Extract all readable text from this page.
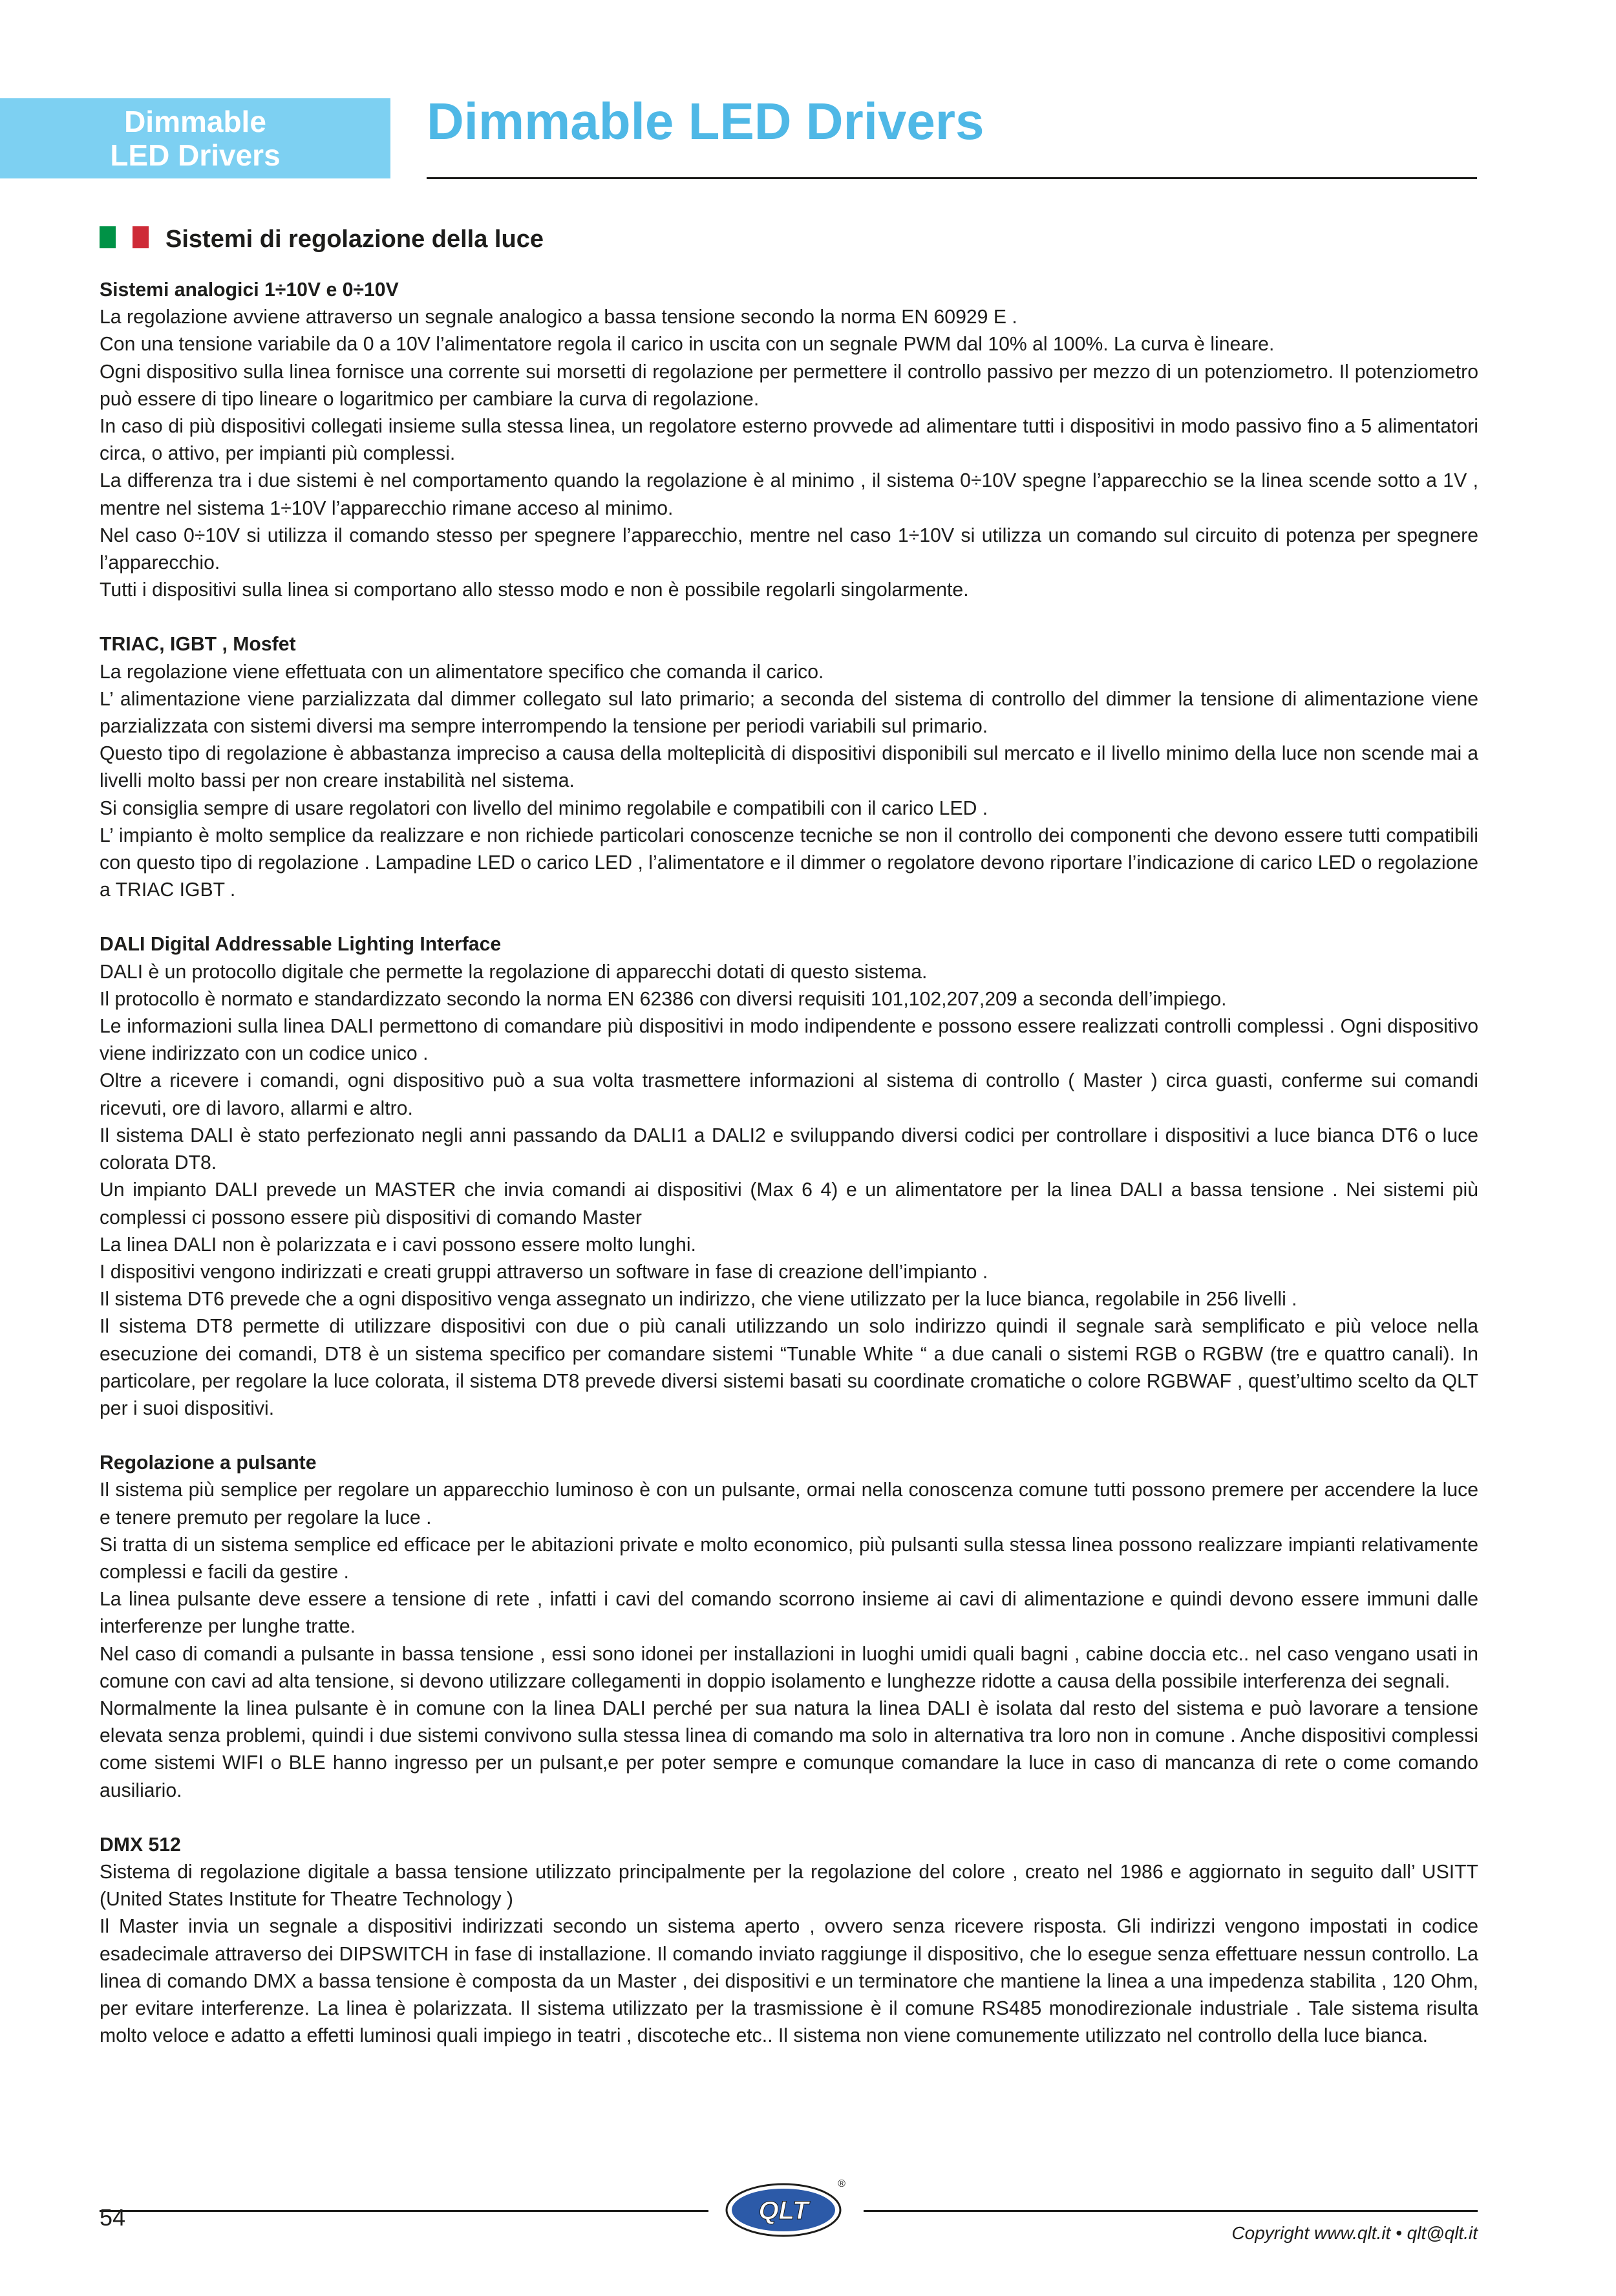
Dimmable
LED Drivers
Dimmable LED Drivers
Sistemi di regolazione della luce
Sistemi analogici 1÷10V e 0÷10V

La regolazione avviene attraverso un segnale analogico a bassa tensione secondo la norma EN 60929 E .

Con una tensione variabile da 0 a 10V l’alimentatore regola il carico in uscita con un segnale PWM dal 10% al 100%. La curva è lineare.

Ogni dispositivo sulla linea fornisce una corrente sui morsetti di regolazione per permettere il controllo passivo per mezzo di un potenziometro. Il potenziometro può essere di tipo lineare o logaritmico per cambiare la curva di regolazione.

In caso di più dispositivi collegati insieme sulla stessa linea, un regolatore esterno provvede ad alimentare tutti i dispositivi in modo passivo fino a 5 alimentatori circa, o attivo, per impianti più complessi.

La differenza tra i due sistemi è nel comportamento quando la regolazione è al minimo , il sistema 0÷10V spegne l’apparecchio se la linea scende sotto a 1V , mentre nel sistema 1÷10V l’apparecchio rimane acceso al minimo.

Nel caso 0÷10V si utilizza il comando stesso per spegnere l’apparecchio, mentre nel caso 1÷10V si utilizza un comando sul circuito di potenza per spegnere l’apparecchio.

Tutti i dispositivi sulla linea si comportano allo stesso modo e non è possibile regolarli singolarmente.

TRIAC, IGBT , Mosfet

La regolazione viene effettuata con un alimentatore specifico che comanda il carico.

L’ alimentazione viene parzializzata dal dimmer collegato sul lato primario; a seconda del sistema di controllo del dimmer la tensione di alimentazione viene parzializzata con sistemi diversi ma sempre interrompendo la tensione per periodi variabili sul primario.

Questo tipo di regolazione è abbastanza impreciso a causa della molteplicità di dispositivi disponibili sul mercato e il livello minimo della luce non scende mai a livelli molto bassi per non creare instabilità nel sistema.

Si consiglia sempre di usare regolatori con livello del minimo regolabile e compatibili con il carico LED .

L’ impianto è molto semplice da realizzare e non richiede particolari conoscenze tecniche se non il controllo dei componenti che devono essere tutti compatibili con questo tipo di regolazione . Lampadine LED o carico LED , l’alimentatore e il dimmer o regolatore devono riportare l’indicazione di carico LED o regolazione a TRIAC IGBT .

DALI Digital Addressable Lighting Interface

DALI è un protocollo digitale che permette la regolazione di apparecchi dotati di questo sistema.

Il protocollo è normato e standardizzato secondo la norma EN 62386 con diversi requisiti 101,102,207,209 a seconda dell’impiego.

Le informazioni sulla linea DALI permettono di comandare più dispositivi in modo indipendente e possono essere realizzati controlli complessi . Ogni dispositivo viene indirizzato con un codice unico .

Oltre a ricevere i comandi, ogni dispositivo può a sua volta trasmettere informazioni al sistema di controllo ( Master ) circa guasti, conferme sui comandi ricevuti, ore di lavoro, allarmi e altro.

Il sistema DALI è stato perfezionato negli anni passando da DALI1 a DALI2 e sviluppando diversi codici per controllare i dispositivi a luce bianca DT6 o luce colorata DT8.

Un impianto DALI prevede un MASTER che invia comandi ai dispositivi (Max 6 4) e un alimentatore per la linea DALI a bassa tensione . Nei sistemi più complessi ci possono essere più dispositivi di comando Master

La linea DALI non è polarizzata e i cavi possono essere molto lunghi.

I dispositivi vengono indirizzati e creati gruppi attraverso un software in fase di creazione dell’impianto .

Il sistema DT6 prevede che a ogni dispositivo venga assegnato un indirizzo, che viene utilizzato per la luce bianca, regolabile in 256 livelli .

Il sistema DT8 permette di utilizzare dispositivi con due o più canali utilizzando un solo indirizzo quindi il segnale sarà semplificato e più veloce nella esecuzione dei comandi, DT8 è un sistema specifico per comandare sistemi “Tunable White “ a due canali o sistemi RGB o RGBW (tre e quattro canali). In particolare, per regolare la luce colorata, il sistema DT8 prevede diversi sistemi basati su coordinate cromatiche o colore RGBWAF , quest’ultimo scelto da QLT per i suoi dispositivi.

Regolazione a pulsante

Il sistema più semplice per regolare un apparecchio luminoso è con un pulsante, ormai nella conoscenza comune tutti possono premere per accendere la luce e tenere premuto per regolare la luce .

Si tratta di un sistema semplice ed efficace per le abitazioni private e molto economico, più pulsanti sulla stessa linea possono realizzare impianti relativamente complessi e facili da gestire .

La linea pulsante deve essere a tensione di rete , infatti i cavi del comando scorrono insieme ai cavi di alimentazione e quindi devono essere immuni dalle interferenze per lunghe tratte.

Nel caso di comandi a pulsante in bassa tensione , essi sono idonei per installazioni in luoghi umidi quali bagni , cabine doccia etc.. nel caso vengano usati in comune con cavi ad alta tensione, si devono utilizzare collegamenti in doppio isolamento e lunghezze ridotte a causa della possibile interferenza dei segnali.

Normalmente la linea pulsante è in comune con la linea DALI perché per sua natura la linea DALI è isolata dal resto del sistema e può lavorare a tensione elevata senza problemi, quindi i due sistemi convivono sulla stessa linea di comando ma solo in alternativa tra loro non in comune . Anche dispositivi complessi come sistemi WIFI o BLE hanno ingresso per un pulsant,e per poter sempre e comunque comandare la luce in caso di mancanza di rete o come comando ausiliario.

DMX 512

Sistema di regolazione digitale a bassa tensione utilizzato principalmente per la regolazione del colore , creato nel 1986 e aggiornato in seguito dall’ USITT (United States Institute for Theatre Technology )

Il Master invia un segnale a dispositivi indirizzati secondo un sistema aperto , ovvero senza ricevere risposta. Gli indirizzi vengono impostati in codice esadecimale attraverso dei DIPSWITCH in fase di installazione. Il comando inviato raggiunge il dispositivo, che lo esegue senza effettuare nessun controllo. La linea di comando DMX a bassa tensione è composta da un Master , dei dispositivi e un terminatore che mantiene la linea a una impedenza stabilita , 120 Ohm, per evitare interferenze. La linea è polarizzata. Il sistema utilizzato per la trasmissione è il comune RS485 monodirezionale industriale . Tale sistema risulta molto veloce e adatto a effetti luminosi quali impiego in teatri , discoteche etc.. Il sistema non viene comunemente utilizzato nel controllo della luce bianca.

QLT
®
54
Copyright www.qlt.it • qlt@qlt.it
